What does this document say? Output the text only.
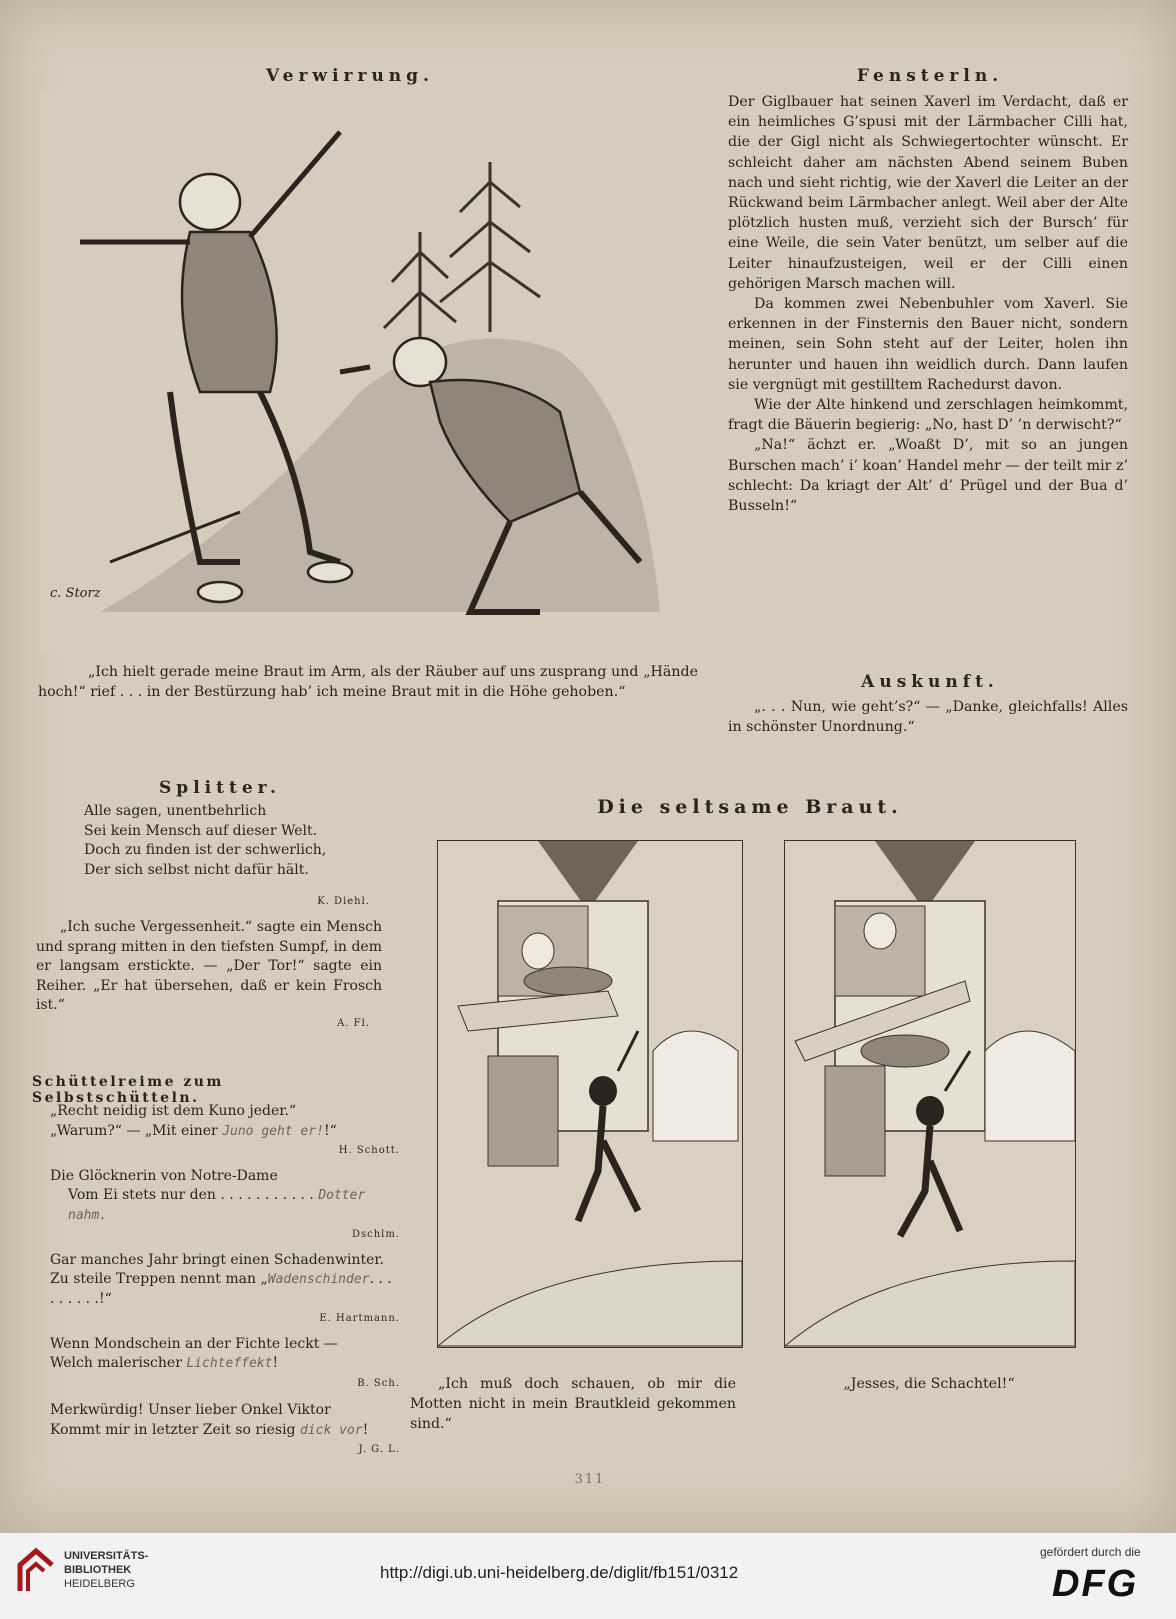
Verwirrung.
c. Storz
„Ich hielt gerade meine Braut im Arm, als der Räuber auf uns zusprang und „Hände hoch!“ rief . . . in der Bestürzung hab’ ich meine Braut mit in die Höhe gehoben.“
Fensterln.

Der Giglbauer hat seinen Xaverl im Verdacht, daß er ein heimliches G’spusi mit der Lärmbacher Cilli hat, die der Gigl nicht als Schwiegertochter wünscht. Er schleicht daher am nächsten Abend seinem Buben nach und sieht richtig, wie der Xaverl die Leiter an der Rückwand beim Lärmbacher anlegt. Weil aber der Alte plötzlich husten muß, verzieht sich der Bursch’ für eine Weile, die sein Vater benützt, um selber auf die Leiter hinaufzusteigen, weil er der Cilli einen gehörigen Marsch machen will.

Da kommen zwei Nebenbuhler vom Xaverl. Sie erkennen in der Finsternis den Bauer nicht, sondern meinen, sein Sohn steht auf der Leiter, holen ihn herunter und hauen ihn weidlich durch. Dann laufen sie vergnügt mit gestilltem Rachedurst davon.

Wie der Alte hinkend und zerschlagen heimkommt, fragt die Bäuerin begierig: „No, hast D’ ’n derwischt?“

„Na!“ ächzt er. „Woaßt D’, mit so an jungen Burschen mach’ i’ koan’ Handel mehr — der teilt mir z’ schlecht: Da kriagt der Alt’ d’ Prügel und der Bua d’ Busseln!“

Auskunft.
„. . . Nun, wie geht’s?“ — „Danke, gleichfalls! Alles in schönster Unordnung.“
Splitter.
Alle sagen, unentbehrlich
Sei kein Mensch auf dieser Welt.
Doch zu finden ist der schwerlich,
Der sich selbst nicht dafür hält.
K. Diehl.
„Ich suche Vergessenheit.“ sagte ein Mensch und sprang mitten in den tiefsten Sumpf, in dem er langsam erstickte. — „Der Tor!“ sagte ein Reiher. „Er hat übersehen, daß er kein Frosch ist.“
A. Fl.
Schüttelreime zum Selbstschütteln.
„Recht neidig ist dem Kuno jeder.“
„Warum?“ — „Mit einer Juno geht er!!“
H. Schott.
Die Glöcknerin von Notre-Dame
Vom Ei stets nur den . . . . . . . . . . . Dotter nahm.
Dschlm.
Gar manches Jahr bringt einen Schadenwinter.
Zu steile Treppen nennt man „Wadenschinder. . . . . . . . .!“
E. Hartmann.
Wenn Mondschein an der Fichte leckt —
Welch malerischer Lichteffekt!
B. Sch.
Merkwürdig! Unser lieber Onkel Viktor
Kommt mir in letzter Zeit so riesig dick vor!
J. G. L.
Die seltsame Braut.
„Ich muß doch schauen, ob mir die Motten nicht in mein Brautkleid gekommen sind.“
„Jesses, die Schachtel!“
311
UNIVERSITÄTS-
BIBLIOTHEK
HEIDELBERG
http://digi.ub.uni-heidelberg.de/diglit/fb151/0312
gefördert durch die
DFG
